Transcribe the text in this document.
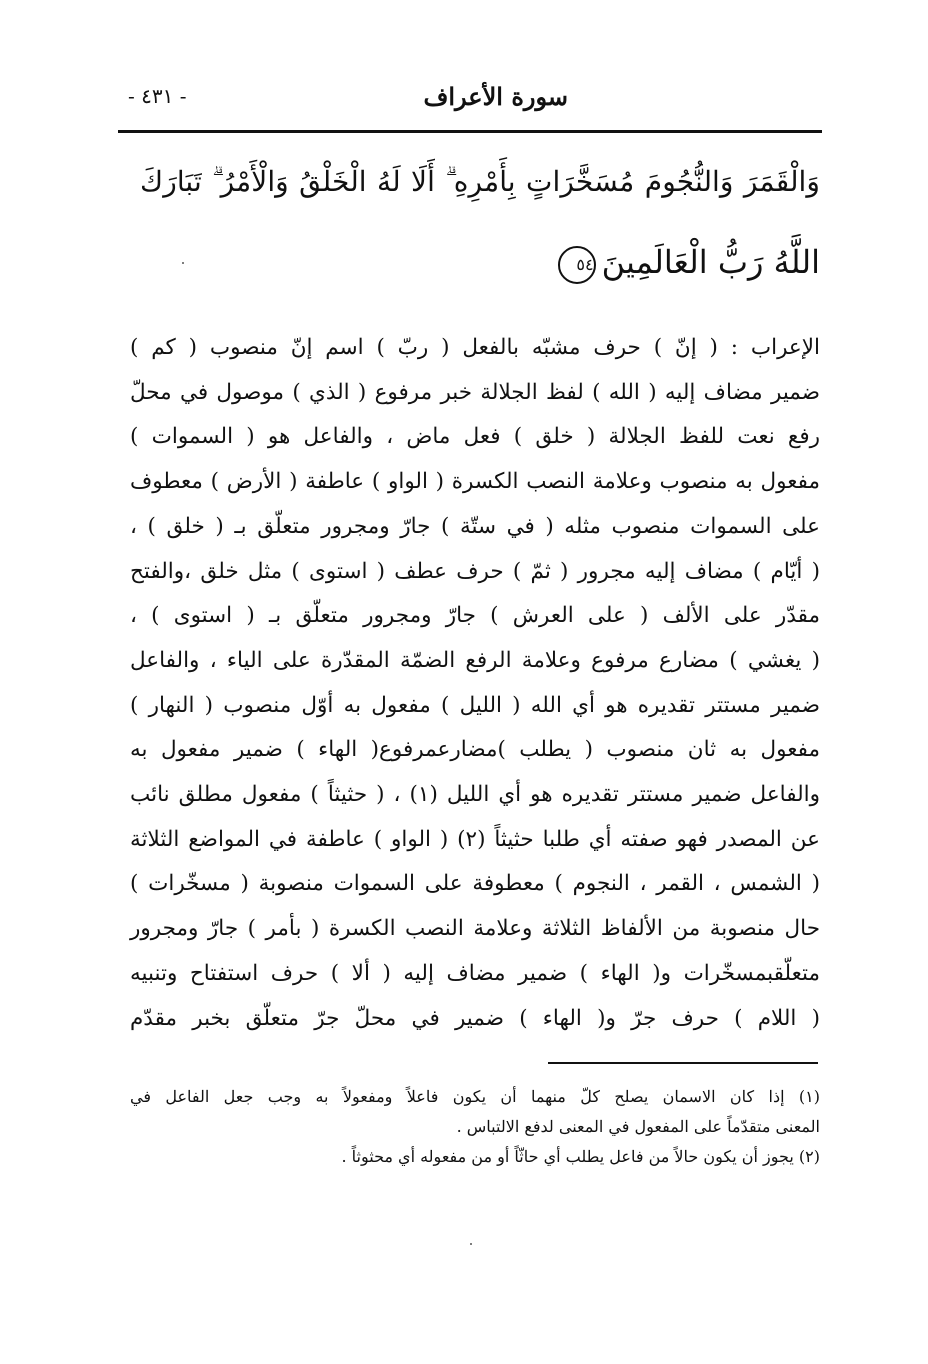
سورة الأعراف
- ٤٣١ -
وَالْقَمَرَ وَالنُّجُومَ مُسَخَّرَاتٍ بِأَمْرِهِ ۗ أَلَا لَهُ الْخَلْقُ وَالْأَمْرُ ۗ تَبَارَكَ
اللَّهُ رَبُّ الْعَالَمِينَ٥٤
الإعراب : ( إنّ ) حرف مشبّه بالفعل ( ربّ ) اسم إنّ منصوب ( كم )
ضمير مضاف إليه ( الله ) لفظ الجلالة خبر مرفوع ( الذي ) موصول في محلّ
رفع نعت للفظ الجلالة ( خلق ) فعل ماض ، والفاعل هو ( السموات )
مفعول به منصوب وعلامة النصب الكسرة ( الواو ) عاطفة ( الأرض ) معطوف
على السموات منصوب مثله ( في ستّة ) جارّ ومجرور متعلّق بـ ( خلق ) ،
( أيّام ) مضاف إليه مجرور ( ثمّ ) حرف عطف ( استوى ) مثل خلق ،والفتح
مقدّر على الألف ( على العرش ) جارّ ومجرور متعلّق بـ ( استوى ) ،
( يغشي ) مضارع مرفوع وعلامة الرفع الضمّة المقدّرة على الياء ، والفاعل
ضمير مستتر تقديره هو أي الله ( الليل ) مفعول به أوّل منصوب ( النهار )
مفعول به ثان منصوب ( يطلب )مضارعمرفوع( الهاء ) ضمير مفعول به
والفاعل ضمير مستتر تقديره هو أي الليل (١) ، ( حثيثاً ) مفعول مطلق نائب
عن المصدر فهو صفته أي طلبا حثيثاً (٢) ( الواو ) عاطفة في المواضع الثلاثة
( الشمس ، القمر ، النجوم ) معطوفة على السموات منصوبة ( مسخّرات )
حال منصوبة من الألفاظ الثلاثة وعلامة النصب الكسرة ( بأمر ) جارّ ومجرور
متعلّقبمسخّرات و( الهاء ) ضمير مضاف إليه ( ألا ) حرف استفتاح وتنبيه
( اللام ) حرف جرّ و( الهاء ) ضمير في محلّ جرّ متعلّق بخبر مقدّم
(١) إذا كان الاسمان يصلح كلّ منهما أن يكون فاعلاً ومفعولاً به وجب جعل الفاعل في
المعنى متقدّماً على المفعول في المعنى لدفع الالتباس .
(٢) يجوز أن يكون حالاً من فاعل يطلب أي حاثّاً أو من مفعوله أي محثوثاً .
